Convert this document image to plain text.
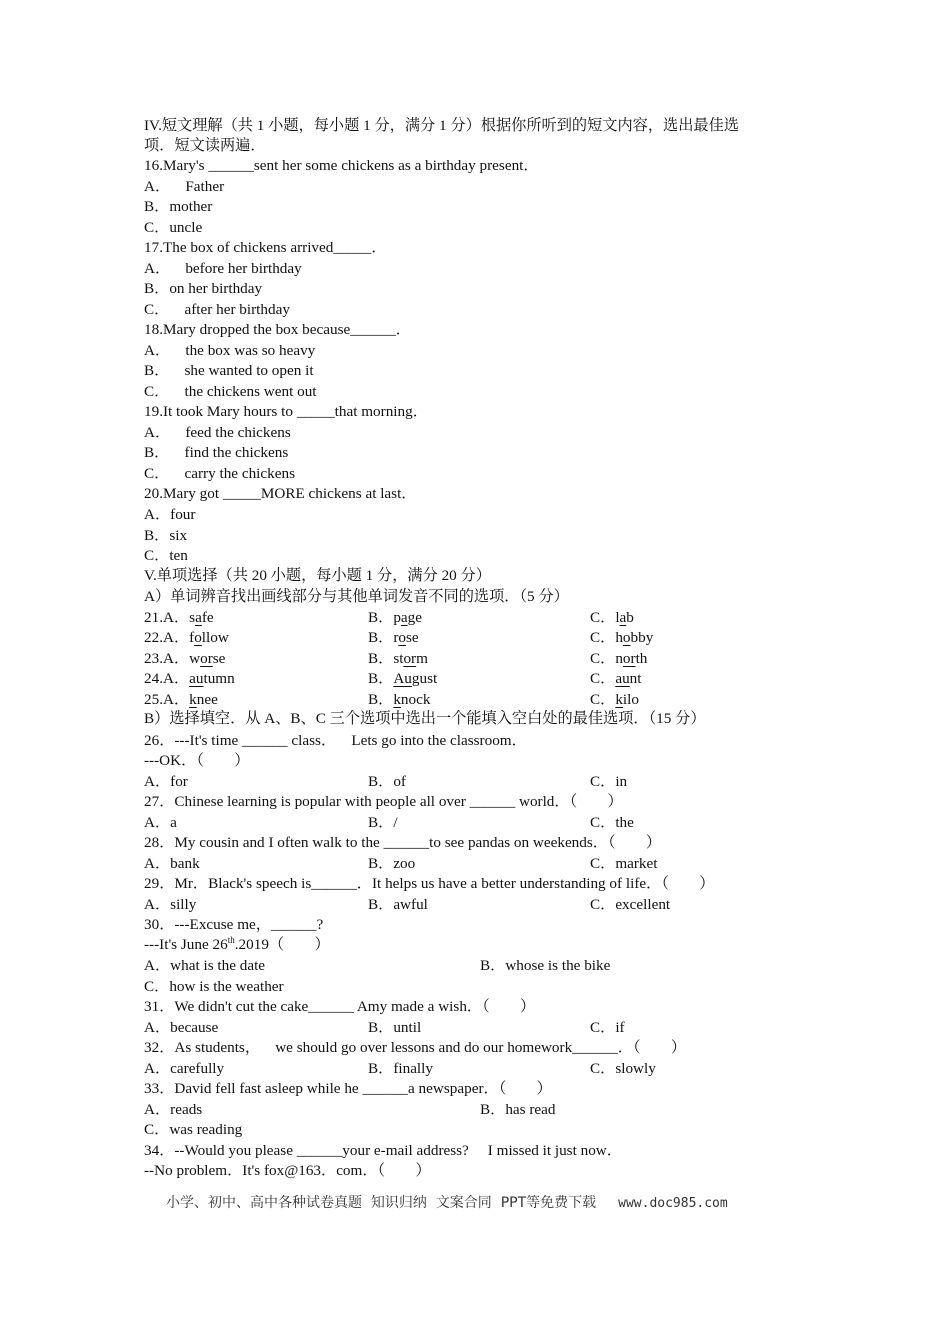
IV.短文理解（共 1 小题，每小题 1 分，满分 1 分）根据你所听到的短文内容，选出最佳选
项．短文读两遍．
16.Mary's ______sent her some chickens as a birthday present．
A．    Father
B．mother
C．uncle
17.The box of chickens arrived_____．
A．    before her birthday
B．on her birthday
C．    after her birthday
18.Mary dropped the box because______．
A．    the box was so heavy
B．    she wanted to open it
C．    the chickens went out
19.It took Mary hours to _____that morning．
A．    feed the chickens
B．    find the chickens
C．    carry the chickens
20.Mary got _____MORE chickens at last．
A．four
B．six
C．ten
V.单项选择（共 20 小题，每小题 1 分，满分 20 分）
A）单词辨音找出画线部分与其他单词发音不同的选项．（5 分）
21.A．safe	B．page	C．lab
22.A．follow	B．rose	C．hobby
23.A．worse	B．storm	C．north
24.A．autumn	B．August	C．aunt
25.A．knee	B．knock	C．kilo
B）选择填空．从 A、B、C 三个选项中选出一个能填入空白处的最佳选项．（15 分）
26．---It's time ______ class．    Lets go into the classroom．
---OK．（        ）
A．for	B．of	C．in
27．Chinese learning is popular with people all over ______ world．（        ）
A．a	B．/	C．the
28．My cousin and I often walk to the ______to see pandas on weekends．（        ）
A．bank	B．zoo	C．market
29．Mr．Black's speech is______．It helps us have a better understanding of life．（        ）
A．silly	B．awful	C．excellent
30．---Excuse me，______?
---It's June 26th.2019（        ）
A．what is the date	B．whose is the bike
C．how is the weather
31．We didn't cut the cake______ Amy made a wish．（        ）
A．because	B．until	C．if
32．As students，    we should go over lessons and do our homework______．（        ）
A．carefully	B．finally	C．slowly
33．David fell fast asleep while he ______a newspaper．（        ）
A．reads	B．has read
C．was reading
34．--Would you please ______your e-mail address?     I missed it just now．
--No problem．It's fox@163．com．（        ）
小学、初中、高中各种试卷真题  知识归纳  文案合同  PPT等免费下载 www.doc985.com
